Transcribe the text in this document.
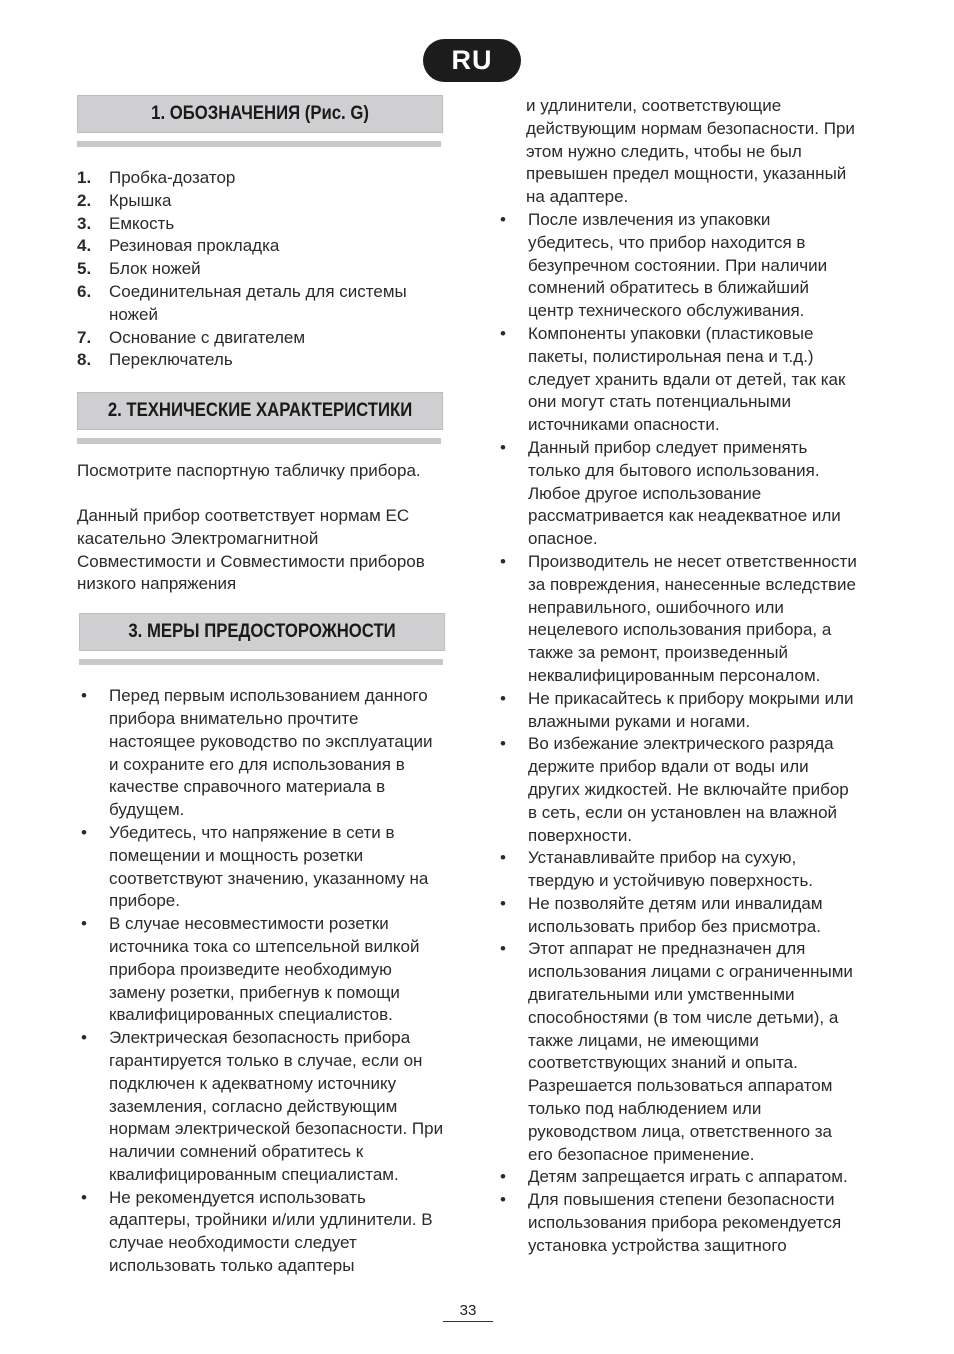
RU
1. ОБОЗНАЧЕНИЯ (Рис. G)
1.	Пробка-дозатор
2.	Крышка
3.	Емкость
4.	Резиновая прокладка
5.	Блок ножей
6.	Соединительная деталь для системы ножей
7.	Основание с двигателем
8.	Переключатель
2. ТЕХНИЧЕСКИЕ ХАРАКТЕРИСТИКИ
Посмотрите паспортную табличку прибора.
Данный прибор соответствует нормам ЕС касательно Электромагнитной Совместимости и Совместимости приборов низкого напряжения
3. МЕРЫ ПРЕДОСТОРОЖНОСТИ
•	Перед первым использованием данного прибора внимательно прочтите настоящее руководство по эксплуатации и сохраните его для использования в качестве справочного материала в будущем.
•	Убедитесь, что напряжение в сети в помещении и мощность розетки соответствуют значению, указанному на приборе.
•	В случае несовместимости розетки источника тока со штепсельной вилкой прибора произведите необходимую замену розетки, прибегнув к помощи квалифицированных специалистов.
•	Электрическая безопасность прибора гарантируется только в случае, если он подключен к адекватному источнику заземления, согласно действующим нормам электрической безопасности. При наличии сомнений обратитесь к квалифицированным специалистам.
•	Не рекомендуется использовать адаптеры, тройники и/или удлинители. В случае необходимости следует использовать только адаптеры
и удлинители, соответствующие действующим нормам безопасности. При этом нужно следить, чтобы не был превышен предел мощности, указанный на адаптере.
•	После извлечения из упаковки убедитесь, что прибор находится в безупречном состоянии. При наличии сомнений обратитесь в ближайший центр технического обслуживания.
•	Компоненты упаковки (пластиковые пакеты, полистирольная пена и т.д.) следует хранить вдали от детей, так как они могут стать потенциальными источниками опасности.
•	Данный прибор следует применять только для бытового использования. Любое другое использование рассматривается как неадекватное или опасное.
•	Производитель не несет ответственности за повреждения, нанесенные вследствие неправильного, ошибочного или нецелевого использования прибора, а также за ремонт, произведенный неквалифицированным персоналом.
•	Не прикасайтесь к прибору мокрыми или влажными руками и ногами.
•	Во избежание электрического разряда держите прибор вдали от воды или других жидкостей. Не включайте прибор в сеть, если он установлен на влажной поверхности.
•	Устанавливайте прибор на сухую, твердую и устойчивую поверхность.
•	Не позволяйте детям или инвалидам использовать прибор без присмотра.
•	Этот аппарат не предназначен для использования лицами с ограниченными двигательными или умственными способностями (в том числе детьми), а также лицами, не имеющими соответствующих знаний и опыта. Разрешается пользоваться аппаратом только под наблюдением или руководством лица, ответственного за его безопасное применение.
•	Детям запрещается играть с аппаратом.
•	Для повышения степени безопасности использования прибора рекомендуется установка устройства защитного
33
